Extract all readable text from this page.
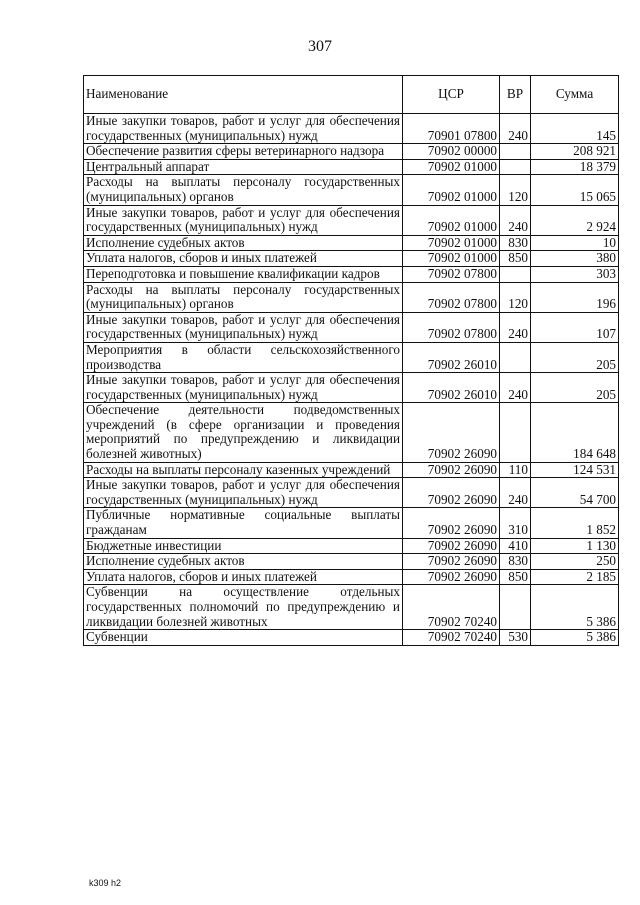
307
Наименование	ЦСР	ВР	Сумма
Иные закупки товаров, работ и услуг для обеспечения государственных (муниципальных) нужд	70901 07800	240	145
Обеспечение развития сферы ветеринарного надзора	70902 00000		208 921
Центральный аппарат	70902 01000		18 379
Расходы на выплаты персоналу государственных (муниципальных) органов	70902 01000	120	15 065
Иные закупки товаров, работ и услуг для обеспечения государственных (муниципальных) нужд	70902 01000	240	2 924
Исполнение судебных актов	70902 01000	830	10
Уплата налогов, сборов и иных платежей	70902 01000	850	380
Переподготовка и повышение квалификации кадров	70902 07800		303
Расходы на выплаты персоналу государственных (муниципальных) органов	70902 07800	120	196
Иные закупки товаров, работ и услуг для обеспечения государственных (муниципальных) нужд	70902 07800	240	107
Мероприятия в области сельскохозяйственного производства	70902 26010		205
Иные закупки товаров, работ и услуг для обеспечения государственных (муниципальных) нужд	70902 26010	240	205
Обеспечение деятельности подведомственных учреждений (в сфере организации и проведения мероприятий по предупреждению и ликвидации болезней животных)	70902 26090		184 648
Расходы на выплаты персоналу казенных учреждений	70902 26090	110	124 531
Иные закупки товаров, работ и услуг для обеспечения государственных (муниципальных) нужд	70902 26090	240	54 700
Публичные нормативные социальные выплаты гражданам	70902 26090	310	1 852
Бюджетные инвестиции	70902 26090	410	1 130
Исполнение судебных актов	70902 26090	830	250
Уплата налогов, сборов и иных платежей	70902 26090	850	2 185
Субвенции на осуществление отдельных государственных полномочий по предупреждению и ликвидации болезней животных	70902 70240		5 386
Субвенции	70902 70240	530	5 386
k309 h2
